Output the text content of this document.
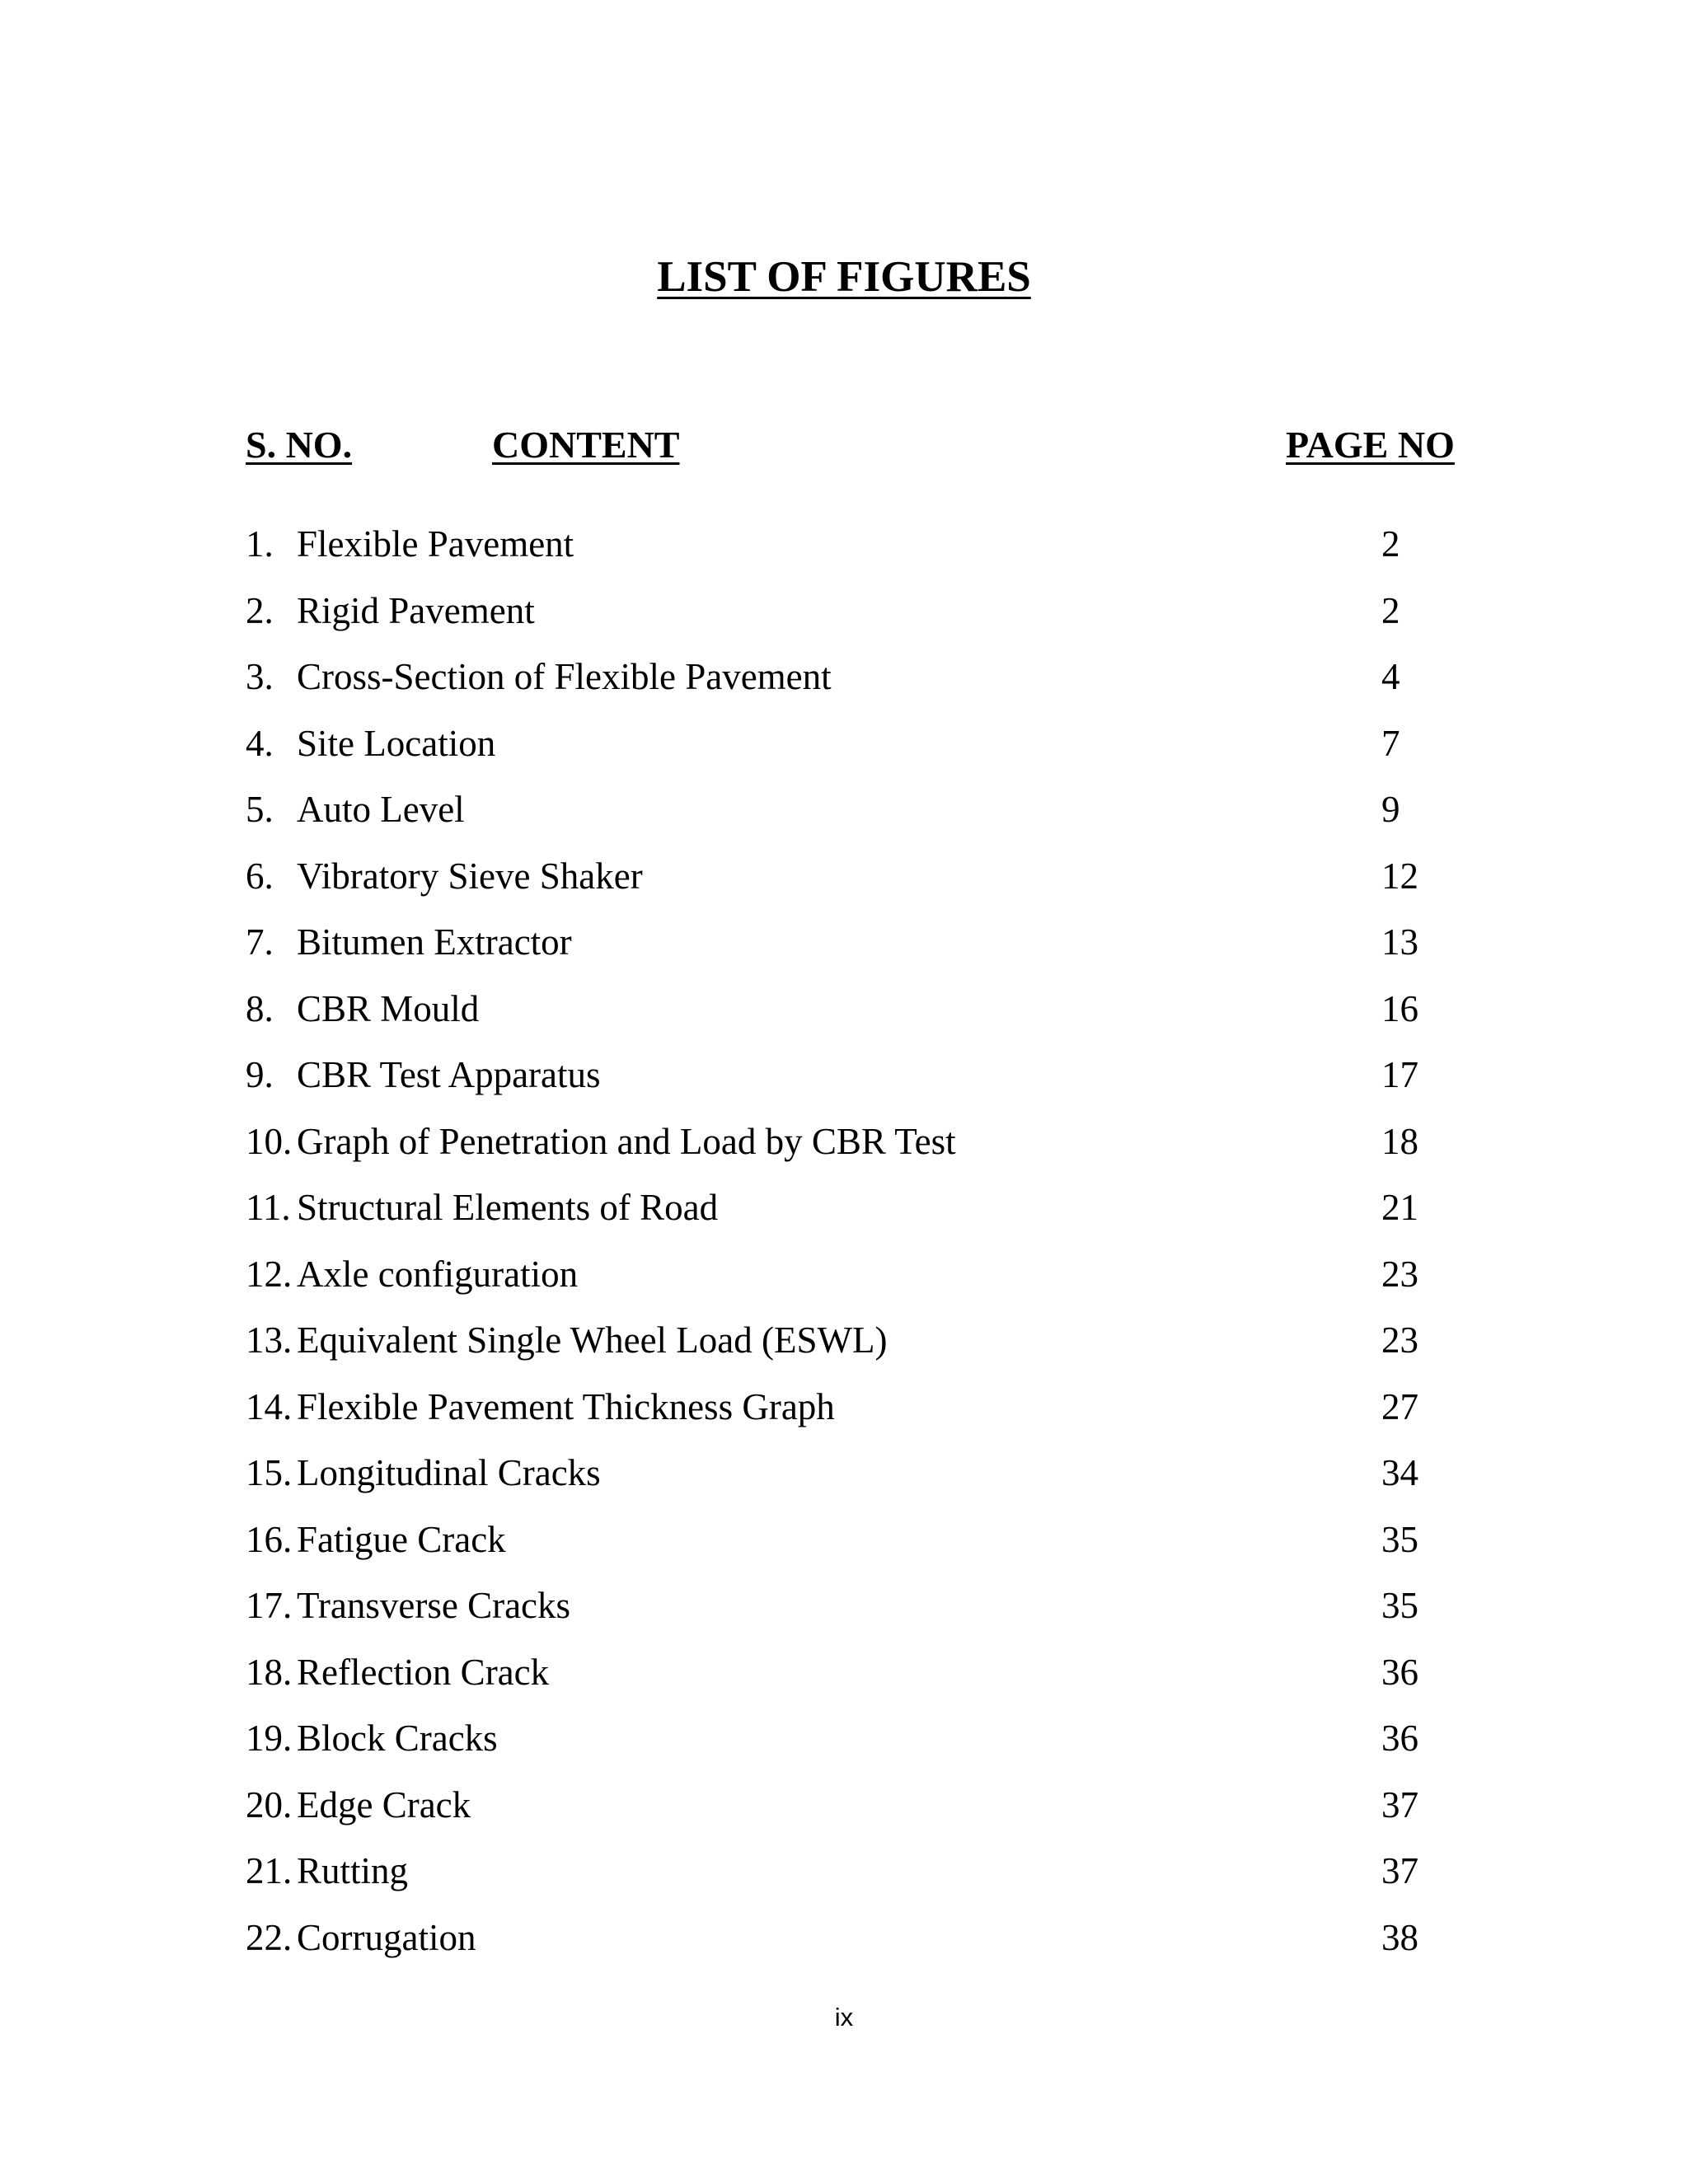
LIST OF FIGURES
S. NO.	CONTENT	PAGE NO
1. Flexible Pavement	2
2. Rigid Pavement	2
3. Cross-Section of Flexible Pavement	4
4. Site Location	7
5. Auto Level	9
6. Vibratory Sieve Shaker	12
7. Bitumen Extractor	13
8. CBR Mould	16
9. CBR Test Apparatus	17
10. Graph of Penetration and Load by CBR Test	18
11. Structural Elements of Road	21
12. Axle configuration	23
13. Equivalent Single Wheel Load (ESWL)	23
14. Flexible Pavement Thickness Graph	27
15. Longitudinal Cracks	34
16. Fatigue Crack	35
17. Transverse Cracks	35
18. Reflection Crack	36
19. Block Cracks	36
20. Edge Crack	37
21. Rutting	37
22. Corrugation	38
ix
